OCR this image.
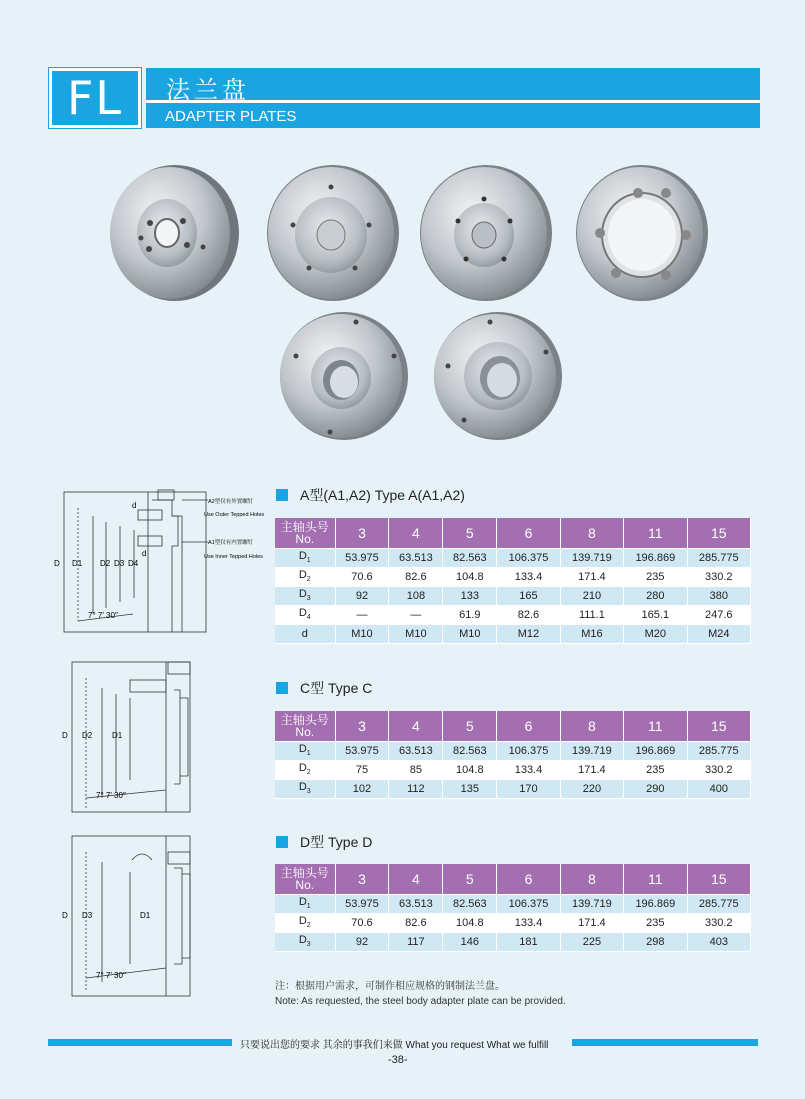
FL	法兰盘
ADAPTER PLATES
D D1 D2 D3 D4
d
d
7° 7′ 30″
A2型仅有外置螺钉
Use Outer Tepped Holes
A1型仅有内置螺钉
Use Inner Tepped Holes
D D2 D1
7° 7′ 30″
D D3	D1
7° 7′ 30″
A型(A1,A2) Type A(A1,A2)
主轴头号
No.	3	4	5	6	8	11	15
$D_1$	53.975	63.513	82.563	106.375	139.719	196.869	285.775
$D_2$	70.6	82.6	104.8	133.4	171.4	235	330.2
$D_3$	92	108	133	165	210	280	380
$D_4$	—	—	61.9	82.6	111.1	165.1	247.6
d	M10	M10	M10	M12	M16	M20	M24
C型 Type C
主轴头号
No.	3	4	5	6	8	11	15
$D_1$	53.975	63.513	82.563	106.375	139.719	196.869	285.775
$D_2$	75	85	104.8	133.4	171.4	235	330.2
$D_3$	102	112	135	170	220	290	400
D型 Type D
主轴头号
No.	3	4	5	6	8	11	15
$D_1$	53.975	63.513	82.563	106.375	139.719	196.869	285.775
$D_2$	70.6	82.6	104.8	133.4	171.4	235	330.2
$D_3$	92	117	146	181	225	298	403
注：根据用户需求，可制作相应规格的钢制法兰盘。
Note: As requested, the steel body adapter plate can be provided.
只要说出您的要求 其余的事我们来做 What you request What we fulfill
-38-
